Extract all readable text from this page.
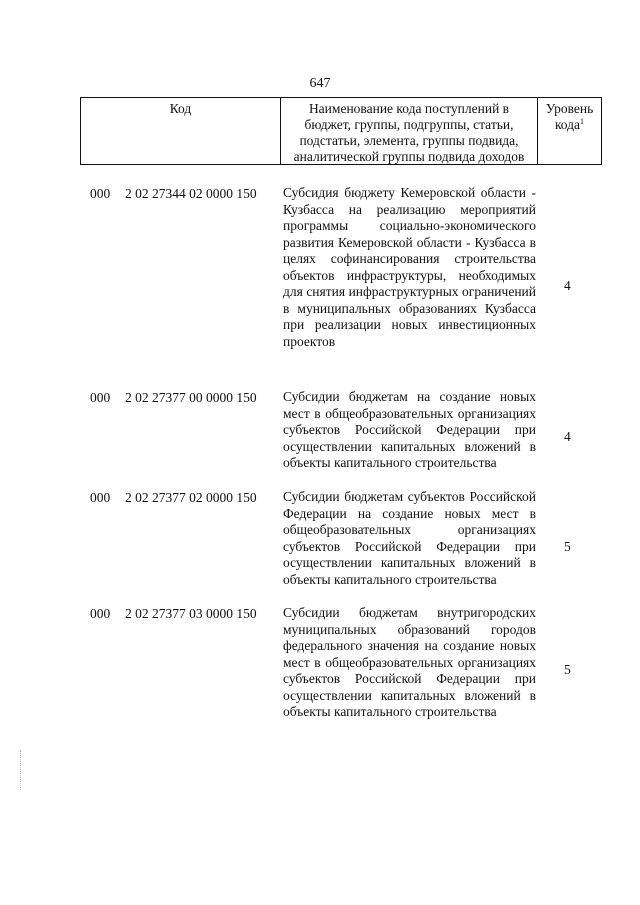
647
Код	Наименование кода поступлений в
бюджет, группы, подгруппы, статьи,
подстатьи, элемента, группы подвида,
аналитической группы подвида доходов
Уровень
кода$^1$
000 2 02 27344 02 0000 150 Субсидия бюджету Кемеровской области - Кузбасса на реализацию мероприятий программы социально-экономического развития Кемеровской области - Кузбасса в целях софинансирования строительства объектов инфраструктуры, необходимых для снятия инфраструктурных ограничений в муниципальных образованиях Кузбасса при реализации новых инвестиционных проектов
4
000 2 02 27377 00 0000 150 Субсидии бюджетам на создание новых мест в общеобразовательных организациях субъектов Российской Федерации при осуществлении капитальных вложений в объекты капитального строительства
4
000 2 02 27377 02 0000 150 Субсидии бюджетам субъектов Российской Федерации на создание новых мест в общеобразовательных организациях субъектов Российской Федерации при осуществлении капитальных вложений в объекты капитального строительства
5
000 2 02 27377 03 0000 150 Субсидии бюджетам внутригородских муниципальных образований городов федерального значения на создание новых мест в общеобразовательных организациях субъектов Российской Федерации при осуществлении капитальных вложений в объекты капитального строительства
5
